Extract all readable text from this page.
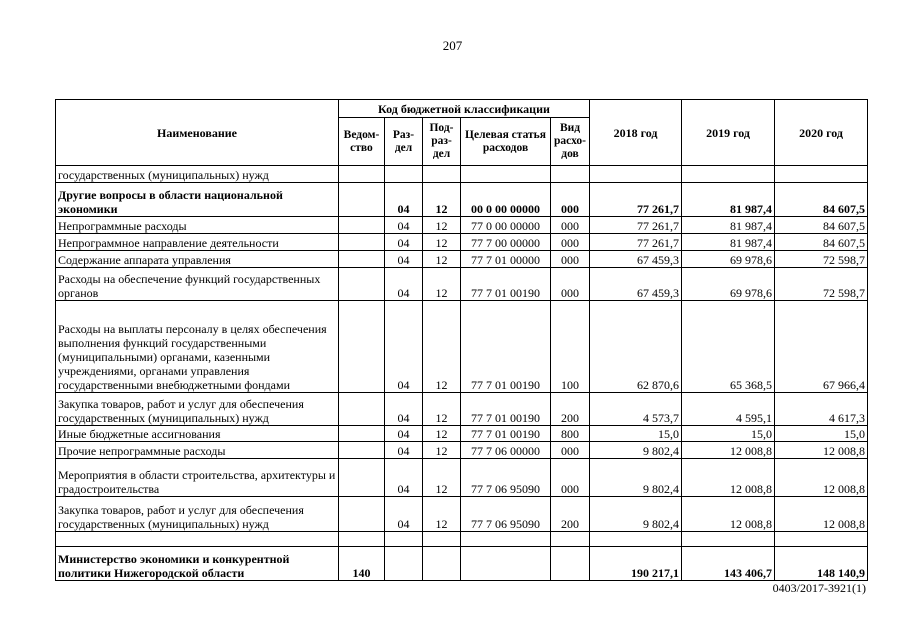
207
Наименование	Код бюджетной классификации					2018 год	2019 год	2020 год
	Ведом-ство	Раз-дел	Под-раз-дел	Целевая статья расходов	Вид расхо-дов			
государственных (муниципальных) нужд								
Другие вопросы в области национальной экономики		04	12	00 0 00 00000	000	77 261,7	81 987,4	84 607,5
Непрограммные расходы		04	12	77 0 00 00000	000	77 261,7	81 987,4	84 607,5
Непрограммное направление деятельности		04	12	77 7 00 00000	000	77 261,7	81 987,4	84 607,5
Содержание аппарата управления		04	12	77 7 01 00000	000	67 459,3	69 978,6	72 598,7
Расходы на обеспечение функций государственных органов		04	12	77 7 01 00190	000	67 459,3	69 978,6	72 598,7
Расходы на выплаты персоналу в целях обеспечения выполнения функций государственными (муниципальными) органами, казенными учреждениями, органами управления государственными внебюджетными фондами		04	12	77 7 01 00190	100	62 870,6	65 368,5	67 966,4
Закупка товаров, работ и услуг для обеспечения государственных (муниципальных) нужд		04	12	77 7 01 00190	200	4 573,7	4 595,1	4 617,3
Иные бюджетные ассигнования		04	12	77 7 01 00190	800	15,0	15,0	15,0
Прочие непрограммные расходы		04	12	77 7 06 00000	000	9 802,4	12 008,8	12 008,8
Мероприятия в области строительства, архитектуры и градостроительства		04	12	77 7 06 95090	000	9 802,4	12 008,8	12 008,8
Закупка товаров, работ и услуг для обеспечения государственных (муниципальных) нужд		04	12	77 7 06 95090	200	9 802,4	12 008,8	12 008,8

Министерство экономики и конкурентной политики Нижегородской области	140					190 217,1	143 406,7	148 140,9
0403/2017-3921(1)
